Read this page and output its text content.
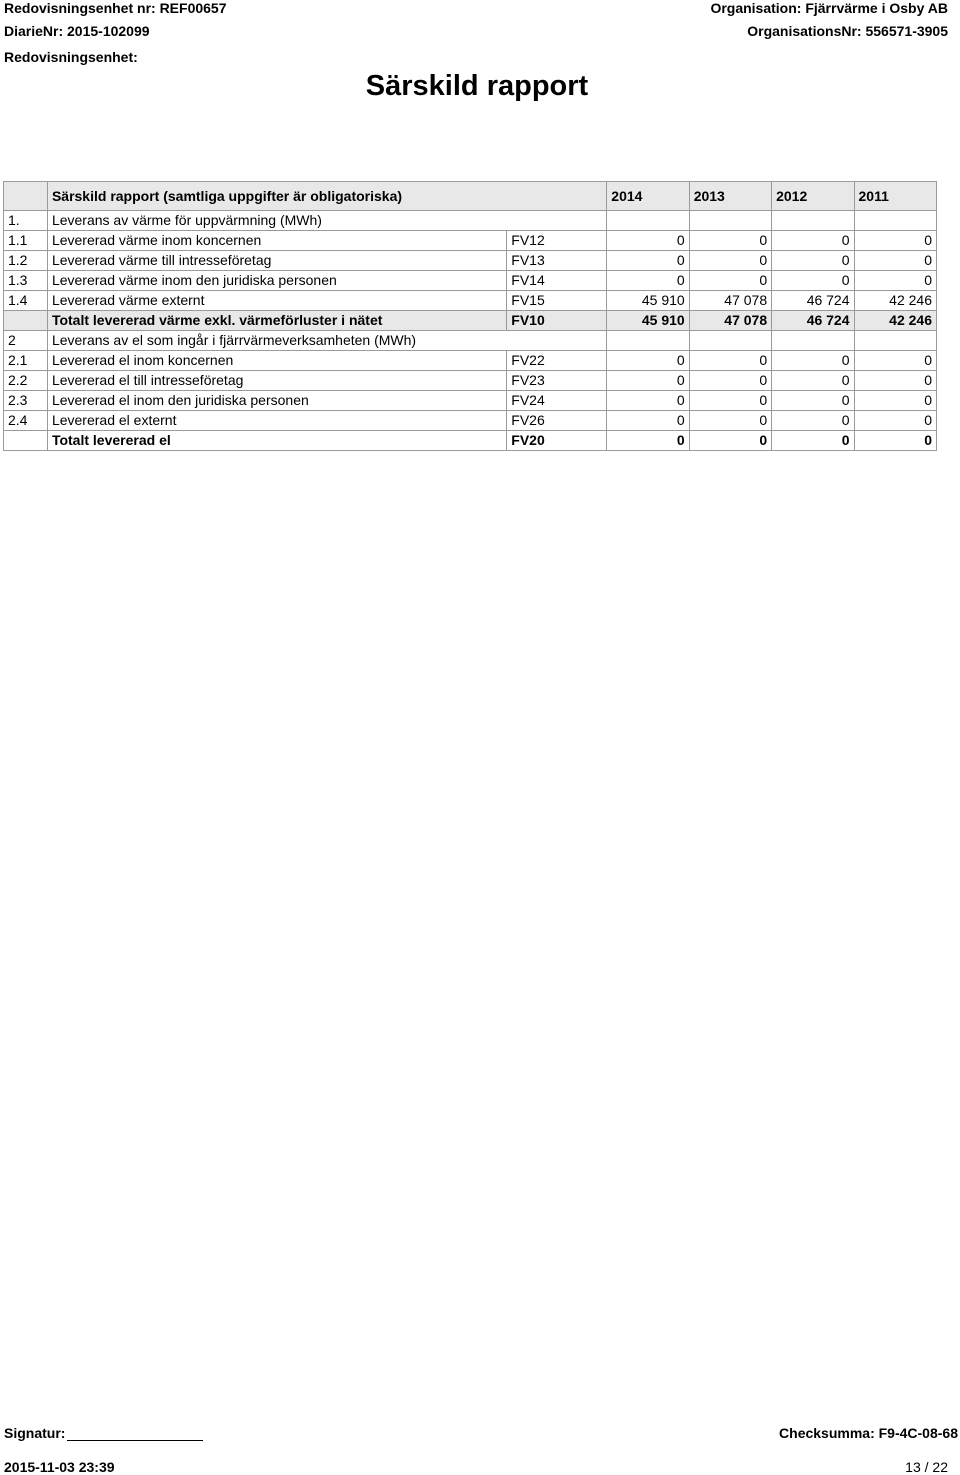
Redovisningsenhet nr: REF00657
DiarieNr: 2015-102099
Redovisningsenhet:
Organisation: Fjärrvärme i Osby AB
OrganisationsNr: 556571-3905
Särskild rapport
	Särskild rapport (samtliga uppgifter är obligatoriska)		2014	2013	2012	2011
1.	Leverans av värme för uppvärmning (MWh)					
1.1	Levererad värme inom koncernen	FV12	0	0	0	0
1.2	Levererad värme till intresseföretag	FV13	0	0	0	0
1.3	Levererad värme inom den juridiska personen	FV14	0	0	0	0
1.4	Levererad värme externt	FV15	45 910	47 078	46 724	42 246
	Totalt levererad värme exkl. värmeförluster i nätet	FV10	45 910	47 078	46 724	42 246
2	Leverans av el som ingår i fjärrvärmeverksamheten (MWh)					
2.1	Levererad el inom koncernen	FV22	0	0	0	0
2.2	Levererad el till intresseföretag	FV23	0	0	0	0
2.3	Levererad el inom den juridiska personen	FV24	0	0	0	0
2.4	Levererad el externt	FV26	0	0	0	0
	Totalt levererad el	FV20	0	0	0	0
Signatur:	Checksumma: F9-4C-08-68
2015-11-03 23:39	13 / 22
